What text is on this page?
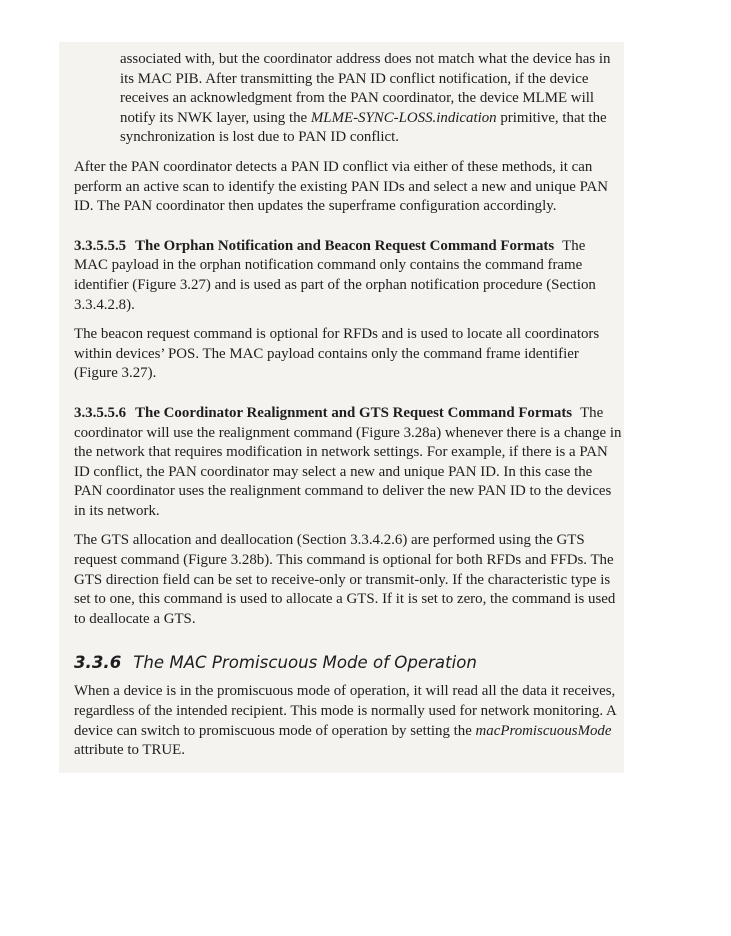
associated with, but the coordinator address does not match what the device has in its MAC PIB. After transmitting the PAN ID conflict notification, if the device receives an acknowledgment from the PAN coordinator, the device MLME will notify its NWK layer, using the MLME-SYNC-LOSS.indication primitive, that the synchronization is lost due to PAN ID conflict.

After the PAN coordinator detects a PAN ID conflict via either of these methods, it can perform an active scan to identify the existing PAN IDs and select a new and unique PAN ID. The PAN coordinator then updates the superframe configuration accordingly.

3.3.5.5.5 The Orphan Notification and Beacon Request Command Formats The MAC payload in the orphan notification command only contains the command frame identifier (Figure 3.27) and is used as part of the orphan notification procedure (Section 3.3.4.2.8).

The beacon request command is optional for RFDs and is used to locate all coordinators within devices’ POS. The MAC payload contains only the command frame identifier (Figure 3.27).

3.3.5.5.6 The Coordinator Realignment and GTS Request Command Formats The coordinator will use the realignment command (Figure 3.28a) whenever there is a change in the network that requires modification in network settings. For example, if there is a PAN ID conflict, the PAN coordinator may select a new and unique PAN ID. In this case the PAN coordinator uses the realignment command to deliver the new PAN ID to the devices in its network.

The GTS allocation and deallocation (Section 3.3.4.2.6) are performed using the GTS request command (Figure 3.28b). This command is optional for both RFDs and FFDs. The GTS direction field can be set to receive-only or transmit-only. If the characteristic type is set to one, this command is used to allocate a GTS. If it is set to zero, the command is used to deallocate a GTS.

3.3.6 The MAC Promiscuous Mode of Operation

When a device is in the promiscuous mode of operation, it will read all the data it receives, regardless of the intended recipient. This mode is normally used for network monitoring. A device can switch to promiscuous mode of operation by setting the macPromiscuousMode attribute to TRUE.
